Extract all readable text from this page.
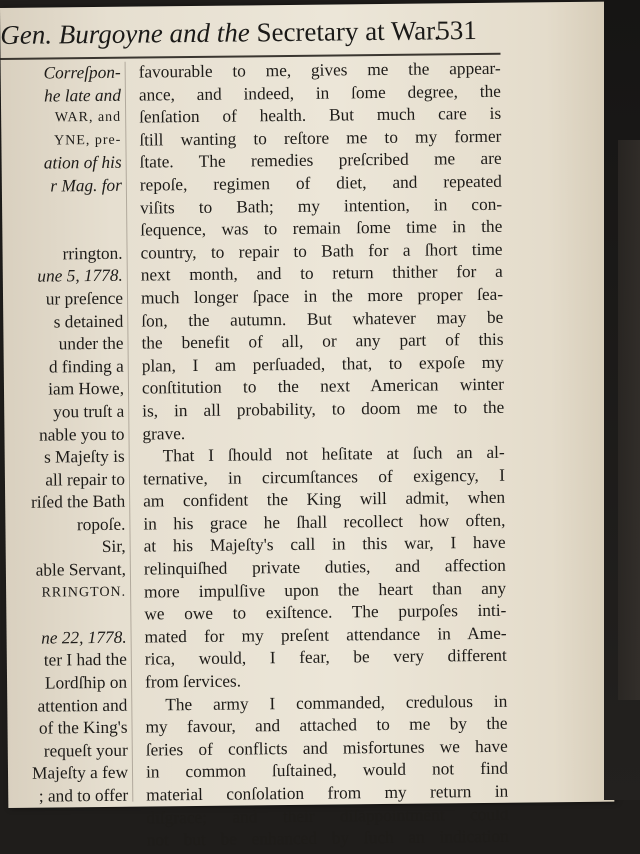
Gen. Burgoyne and the Secretary at War.
531
Correſpon-
he late and
WAR, and
YNE, pre-
ation of his
r Mag. for
rrington.
une 5, 1778.
ur preſence
s detained
under the
d finding a
iam Howe,
you truſt a
nable you to
s Majeſty is
all repair to
riſed the Bath
ropoſe.
Sir,
able Servant,
RRINGTON.
ne 22, 1778.
ter I had the
Lordſhip on
attention and
of the King's
requeſt your
Majeſty a few
; and to offer
favourable to me, gives me the appear-
ance, and indeed, in ſome degree, the
ſenſation of health. But much care is
ſtill wanting to reſtore me to my former
ſtate. The remedies preſcribed me are
repoſe, regimen of diet, and repeated
viſits to Bath; my intention, in con-
ſequence, was to remain ſome time in the
country, to repair to Bath for a ſhort time
next month, and to return thither for a
much longer ſpace in the more proper ſea-
ſon, the autumn. But whatever may be
the benefit of all, or any part of this
plan, I am perſuaded, that, to expoſe my
conſtitution to the next American winter
is, in all probability, to doom me to the
grave.
That I ſhould not heſitate at ſuch an al-
ternative, in circumſtances of exigency, I
am confident the King will admit, when
in his grace he ſhall recollect how often,
at his Majeſty's call in this war, I have
relinquiſhed private duties, and affection
more impulſive upon the heart than any
we owe to exiſtence. The purpoſes inti-
mated for my preſent attendance in Ame-
rica, would, I fear, be very different
from ſervices.
The army I commanded, credulous in
my favour, and attached to me by the
ſeries of conflicts and misfortunes we have
in common ſuſtained, would not find
material conſolation from my return in
diſgrace; and their diſappointment could
not but be enhanced by ſuch an indication
